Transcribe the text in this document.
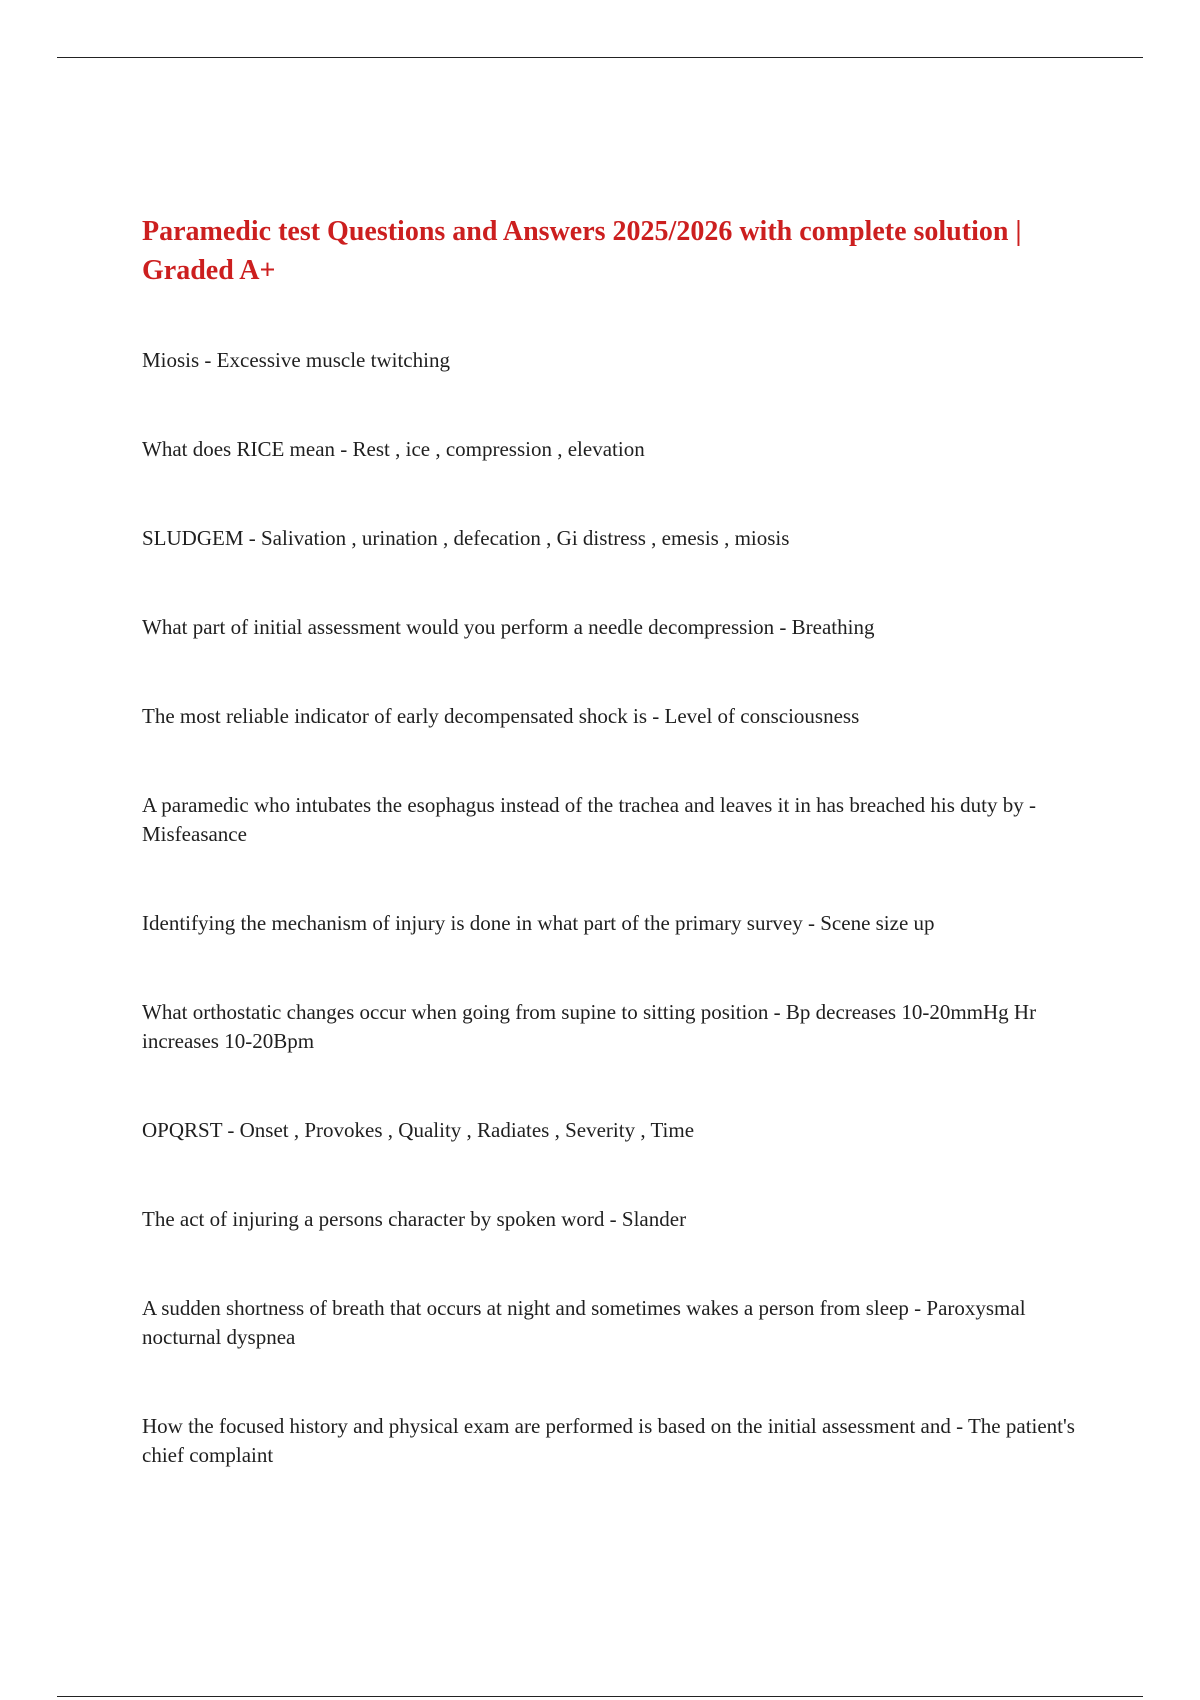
Paramedic test Questions and Answers 2025/2026 with complete solution | Graded A+
Miosis - Excessive muscle twitching
What does RICE mean - Rest , ice , compression , elevation
SLUDGEM - Salivation , urination , defecation , Gi distress , emesis , miosis
What part of initial assessment would you perform a needle decompression - Breathing
The most reliable indicator of early decompensated shock is - Level of consciousness
A paramedic who intubates the esophagus instead of the trachea and leaves it in has breached his duty by - Misfeasance
Identifying the mechanism of injury is done in what part of the primary survey - Scene size up
What orthostatic changes occur when going from supine to sitting position - Bp decreases 10-20mmHg Hr increases 10-20Bpm
OPQRST - Onset , Provokes , Quality , Radiates , Severity , Time
The act of injuring a persons character by spoken word - Slander
A sudden shortness of breath that occurs at night and sometimes wakes a person from sleep - Paroxysmal nocturnal dyspnea
How the focused history and physical exam are performed is based on the initial assessment and - The patient's chief complaint
